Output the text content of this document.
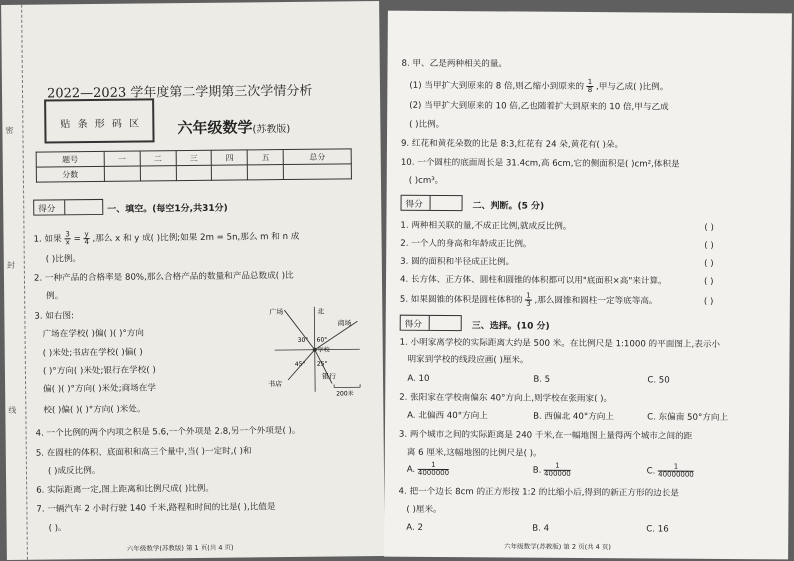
密
封
线
2022—2023 学年度第二学期第三次学情分析
贴 条 形 码 区 六年级数学(苏教版)
题号	一	二	三	四	五	总分
分数						
得分	一、填空。(每空1分,共31分)
1. 如果 $\frac{3}{x} = \frac{y}{4}$ ,那么 x 和 y 成( )比例;如果 2m = 5n,那么 m 和 n 成
( )比例。
2. 一种产品的合格率是 80%,那么合格产品的数量和产品总数成( )比
例。
3. 如右图:
广场在学校( )偏( )( )°方向
( )米处;书店在学校( )偏( )
( )°方向( )米处;银行在学校( )
偏( )( )°方向( )米处;商场在学
校( )偏( )( )°方向( )米处。
广场	北
商场
学校
书店
银行
30° 60°
45° 25°
200米
4. 一个比例的两个内项之积是 5.6,一个外项是 2.8,另一个外项是( )。
5. 在圆柱的体积、底面积和高三个量中,当( )一定时,( )和
( )成反比例。
6. 实际距离一定,图上距离和比例尺成( )比例。
7. 一辆汽车 2 小时行驶 140 千米,路程和时间的比是( ),比值是
( )。
六年级数学(苏教版) 第 1 页(共 4 页)
8. 甲、乙是两种相关的量。
(1) 当甲扩大到原来的 8 倍,则乙缩小到原来的 $\frac{1}{8}$ ,甲与乙成( )比例。
(2) 当甲扩大到原来的 10 倍,乙也随着扩大到原来的 10 倍,甲与乙成
( )比例。
9. 红花和黄花朵数的比是 8:3,红花有 24 朵,黄花有( )朵。
10. 一个圆柱的底面周长是 31.4cm,高 6cm,它的侧面积是( )cm²,体积是
( )cm³。
得分	二、判断。(5 分)
1. 两种相关联的量,不成正比例,就成反比例。	( )
2. 一个人的身高和年龄成正比例。	( )
3. 圆的面积和半径成正比例。	( )
4. 长方体、正方体、圆柱和圆锥的体积都可以用"底面积×高"来计算。	( )
5. 如果圆锥的体积是圆柱体积的 $\frac{1}{3}$ ,那么圆锥和圆柱一定等底等高。	( )
得分	三、选择。(10 分)
1. 小明家离学校的实际距离大约是 500 米。在比例尺是 1:1000 的平面图上,表示小
明家到学校的线段应画( )厘米。
A. 10	B. 5	C. 50
2. 张阳家在学校南偏东 40°方向上,则学校在张雨家( )。
A. 北偏西 40°方向上	B. 西偏北 40°方向上	C. 东偏南 50°方向上
3. 两个城市之间的实际距离是 240 千米,在一幅地图上量得两个城市之间的距
离 6 厘米,这幅地图的比例尺是( )。
A. $\frac{1}{4000000}$	B. $\frac{1}{400000}$	C. $\frac{1}{40000000}$
4. 把一个边长 8cm 的正方形按 1:2 的比缩小后,得到的新正方形的边长是
( )厘米。
A. 2	B. 4	C. 16
六年级数学(苏教版) 第 2 页(共 4 页)
